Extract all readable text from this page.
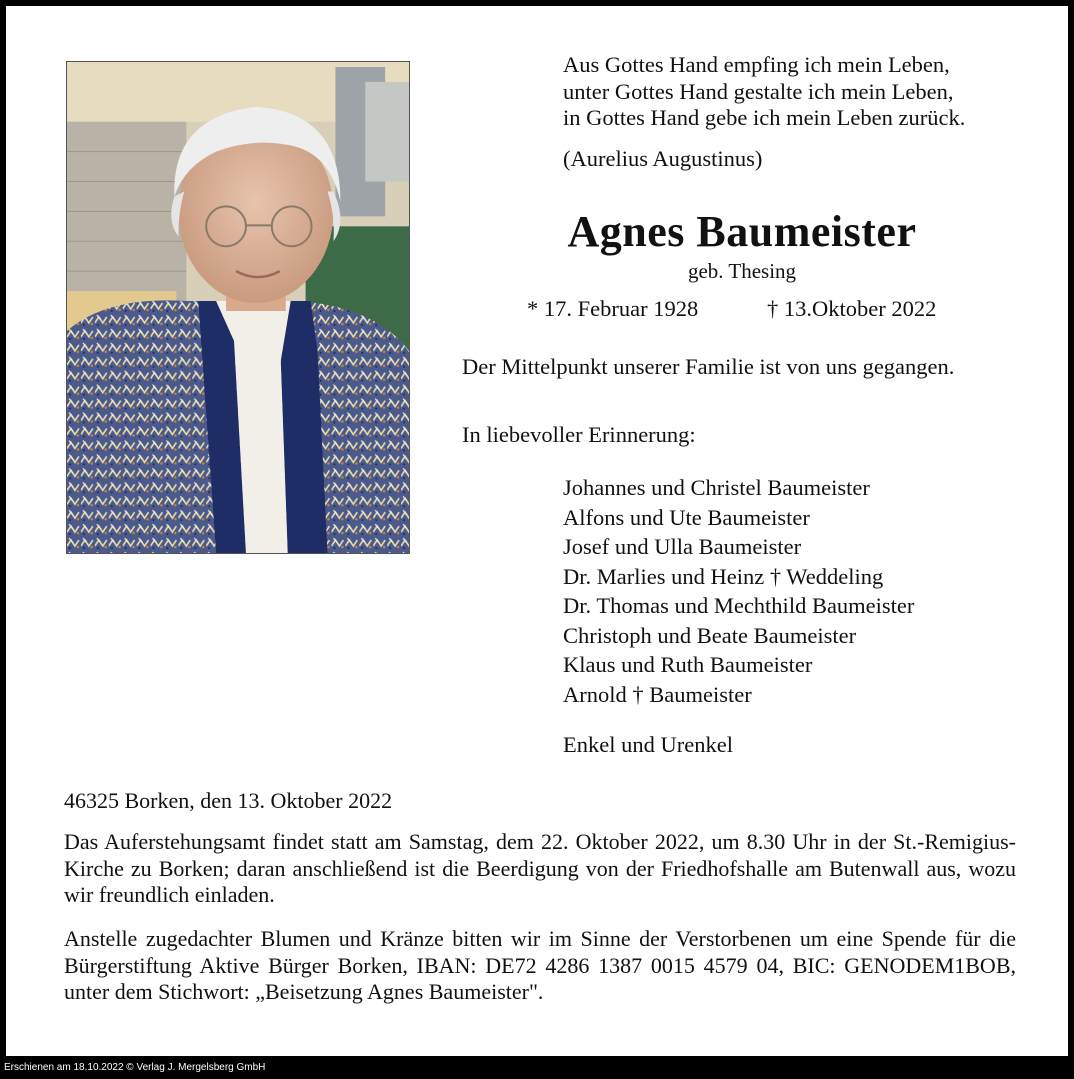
Aus Gottes Hand empfing ich mein Leben,
unter Gottes Hand gestalte ich mein Leben,
in Gottes Hand gebe ich mein Leben zurück.
(Aurelius Augustinus)
Agnes Baumeister
geb. Thesing
* 17. Februar 1928	† 13.Oktober 2022
Der Mittelpunkt unserer Familie ist von uns gegangen.
In liebevoller Erinnerung:
Johannes und Christel Baumeister
Alfons und Ute Baumeister
Josef und Ulla Baumeister
Dr. Marlies und Heinz † Weddeling
Dr. Thomas und Mechthild Baumeister
Christoph und Beate Baumeister
Klaus und Ruth Baumeister
Arnold † Baumeister
Enkel und Urenkel
46325 Borken, den 13. Oktober 2022
Das Auferstehungsamt findet statt am Samstag, dem 22. Oktober 2022, um 8.30 Uhr in der St.-Remigius-Kirche zu Borken; daran anschließend ist die Beerdigung von der Friedhofshalle am Butenwall aus, wozu wir freundlich einladen.
Anstelle zugedachter Blumen und Kränze bitten wir im Sinne der Verstorbenen um eine Spende für die Bürgerstiftung Aktive Bürger Borken, IBAN: DE72 4286 1387 0015 4579 04, BIC: GENODEM1BOB, unter dem Stichwort: „Beisetzung Agnes Baumeister".
Erschienen am 18.10.2022 © Verlag J. Mergelsberg GmbH
